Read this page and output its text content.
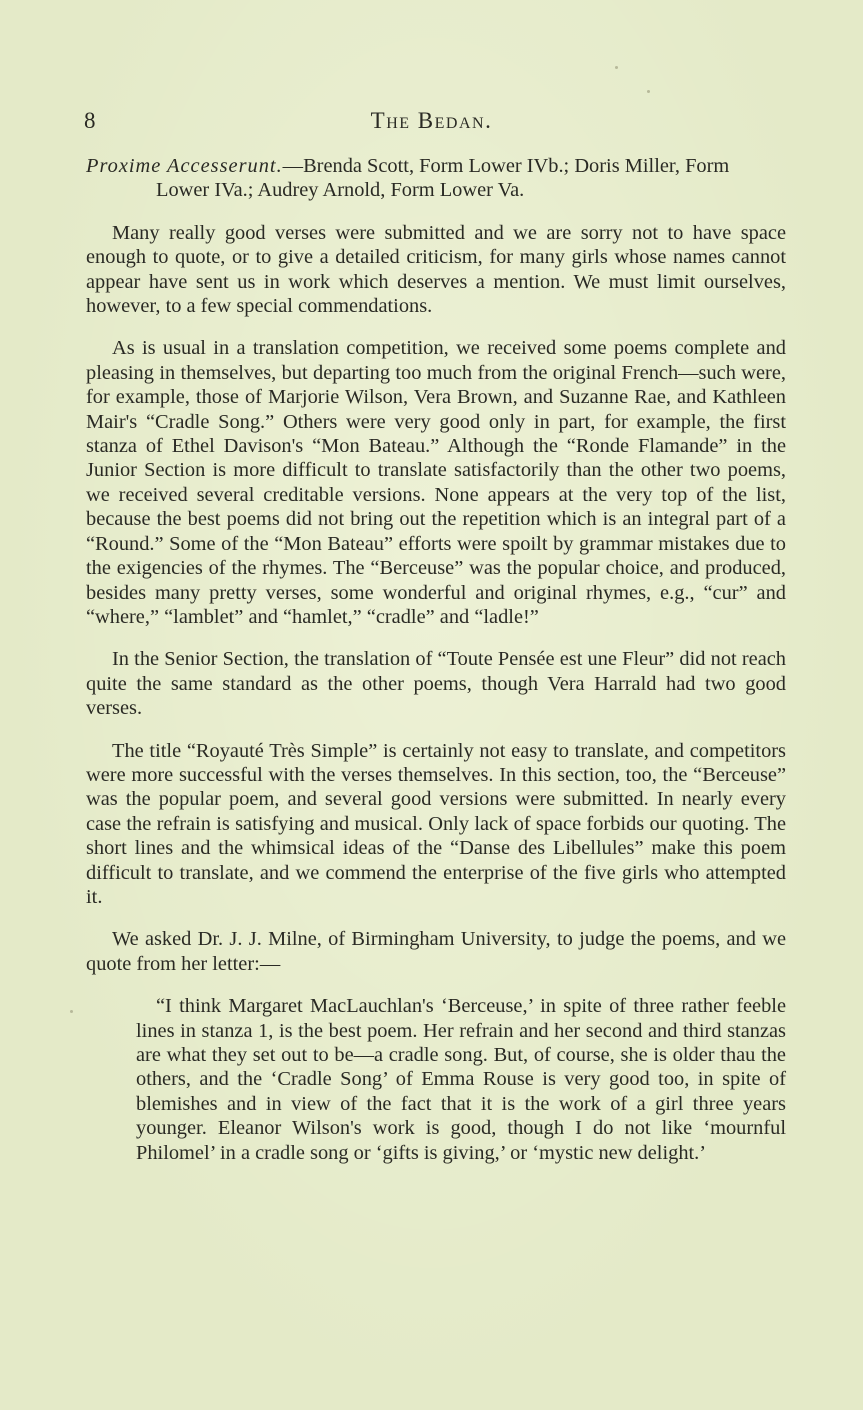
8	The Bedan.

Proxime Accesserunt.—Brenda Scott, Form Lower IVb.; Doris Miller, Form Lower IVa.; Audrey Arnold, Form Lower Va.

Many really good verses were submitted and we are sorry not to have space enough to quote, or to give a detailed criticism, for many girls whose names cannot appear have sent us in work which deserves a mention. We must limit ourselves, however, to a few special commendations.

As is usual in a translation competition, we received some poems complete and pleasing in themselves, but departing too much from the original French—such were, for example, those of Marjorie Wilson, Vera Brown, and Suzanne Rae, and Kathleen Mair's “Cradle Song.” Others were very good only in part, for example, the first stanza of Ethel Davison's “Mon Bateau.” Although the “Ronde Flamande” in the Junior Section is more difficult to translate satisfactorily than the other two poems, we received several creditable versions. None appears at the very top of the list, because the best poems did not bring out the repetition which is an integral part of a “Round.” Some of the “Mon Bateau” efforts were spoilt by grammar mistakes due to the exigencies of the rhymes. The “Berceuse” was the popular choice, and produced, besides many pretty verses, some wonderful and original rhymes, e.g., “cur” and “where,” “lamblet” and “hamlet,” “cradle” and “ladle!”

In the Senior Section, the translation of “Toute Pensée est une Fleur” did not reach quite the same standard as the other poems, though Vera Harrald had two good verses.

The title “Royauté Très Simple” is certainly not easy to translate, and competitors were more successful with the verses themselves. In this section, too, the “Berceuse” was the popular poem, and several good versions were submitted. In nearly every case the refrain is satisfying and musical. Only lack of space forbids our quoting. The short lines and the whimsical ideas of the “Danse des Libellules” make this poem difficult to translate, and we commend the enterprise of the five girls who attempted it.

We asked Dr. J. J. Milne, of Birmingham University, to judge the poems, and we quote from her letter:—

“I think Margaret MacLauchlan's ‘Berceuse,’ in spite of three rather feeble lines in stanza 1, is the best poem. Her refrain and her second and third stanzas are what they set out to be—a cradle song. But, of course, she is older thau the others, and the ‘Cradle Song’ of Emma Rouse is very good too, in spite of blemishes and in view of the fact that it is the work of a girl three years younger. Eleanor Wilson's work is good, though I do not like ‘mournful Philomel’ in a cradle song or ‘gifts is giving,’ or ‘mystic new delight.’
